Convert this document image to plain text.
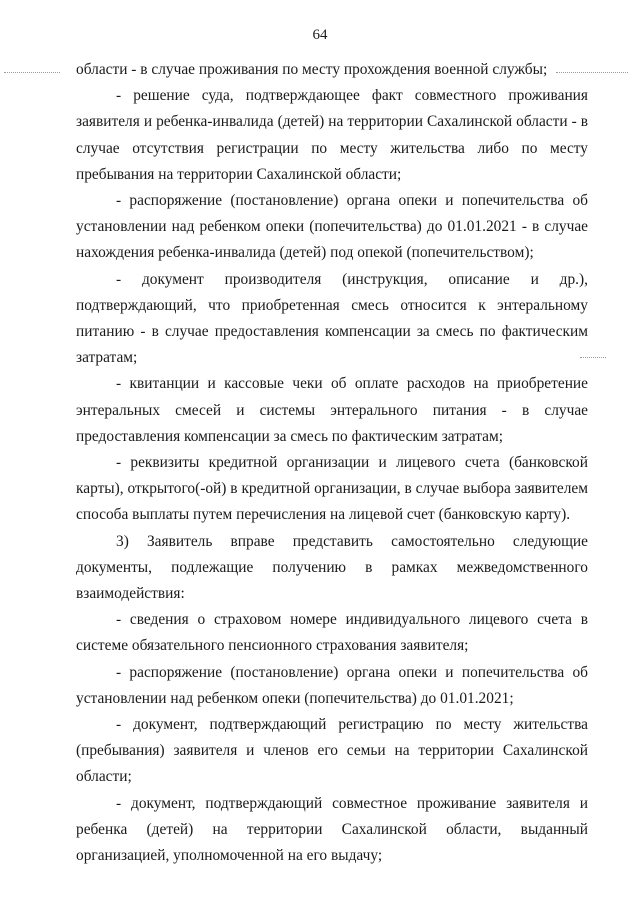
64

области - в случае проживания по месту прохождения военной службы;

- решение суда, подтверждающее факт совместного проживания заявителя и ребенка-инвалида (детей) на территории Сахалинской области - в случае отсутствия регистрации по месту жительства либо по месту пребывания на территории Сахалинской области;

- распоряжение (постановление) органа опеки и попечительства об установлении над ребенком опеки (попечительства) до 01.01.2021 - в случае нахождения ребенка-инвалида (детей) под опекой (попечительством);

- документ производителя (инструкция, описание и др.), подтверждающий, что приобретенная смесь относится к энтеральному питанию - в случае предоставления компенсации за смесь по фактическим затратам;

- квитанции и кассовые чеки об оплате расходов на приобретение энтеральных смесей и системы энтерального питания - в случае предоставления компенсации за смесь по фактическим затратам;

- реквизиты кредитной организации и лицевого счета (банковской карты), открытого(-ой) в кредитной организации, в случае выбора заявителем способа выплаты путем перечисления на лицевой счет (банковскую карту).

3) Заявитель вправе представить самостоятельно следующие документы, подлежащие получению в рамках межведомственного взаимодействия:

- сведения о страховом номере индивидуального лицевого счета в системе обязательного пенсионного страхования заявителя;

- распоряжение (постановление) органа опеки и попечительства об установлении над ребенком опеки (попечительства) до 01.01.2021;

- документ, подтверждающий регистрацию по месту жительства (пребывания) заявителя и членов его семьи на территории Сахалинской области;

- документ, подтверждающий совместное проживание заявителя и ребенка (детей) на территории Сахалинской области, выданный организацией, уполномоченной на его выдачу;
